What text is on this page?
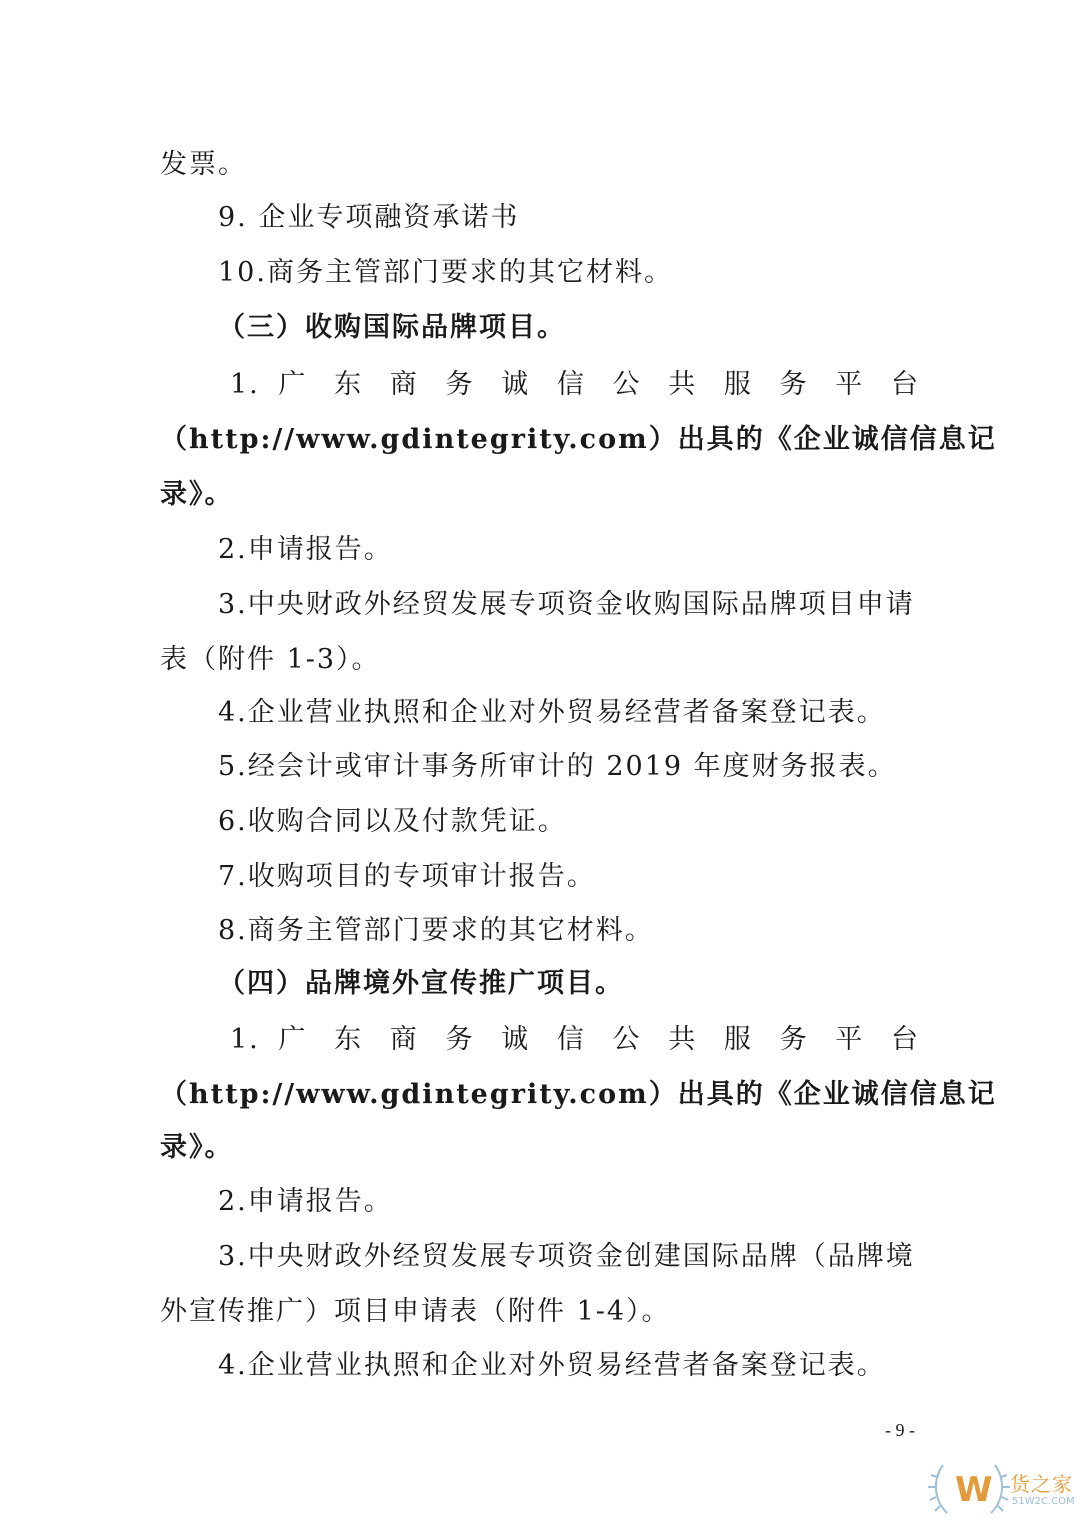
发票。
9. 企业专项融资承诺书
10.商务主管部门要求的其它材料。
（三）收购国际品牌项目。
1. 广 东 商 务 诚 信 公 共 服 务 平 台
（http://www.gdintegrity.com）出具的《企业诚信信息记
录》。
2.申请报告。
3.中央财政外经贸发展专项资金收购国际品牌项目申请
表（附件 1-3）。
4.企业营业执照和企业对外贸易经营者备案登记表。
5.经会计或审计事务所审计的 2019 年度财务报表。
6.收购合同以及付款凭证。
7.收购项目的专项审计报告。
8.商务主管部门要求的其它材料。
（四）品牌境外宣传推广项目。
1. 广 东 商 务 诚 信 公 共 服 务 平 台
（http://www.gdintegrity.com）出具的《企业诚信信息记
录》。
2.申请报告。
3.中央财政外经贸发展专项资金创建国际品牌（品牌境
外宣传推广）项目申请表（附件 1-4）。
4.企业营业执照和企业对外贸易经营者备案登记表。
- 9 -
W 货之家
51W2C.COM
